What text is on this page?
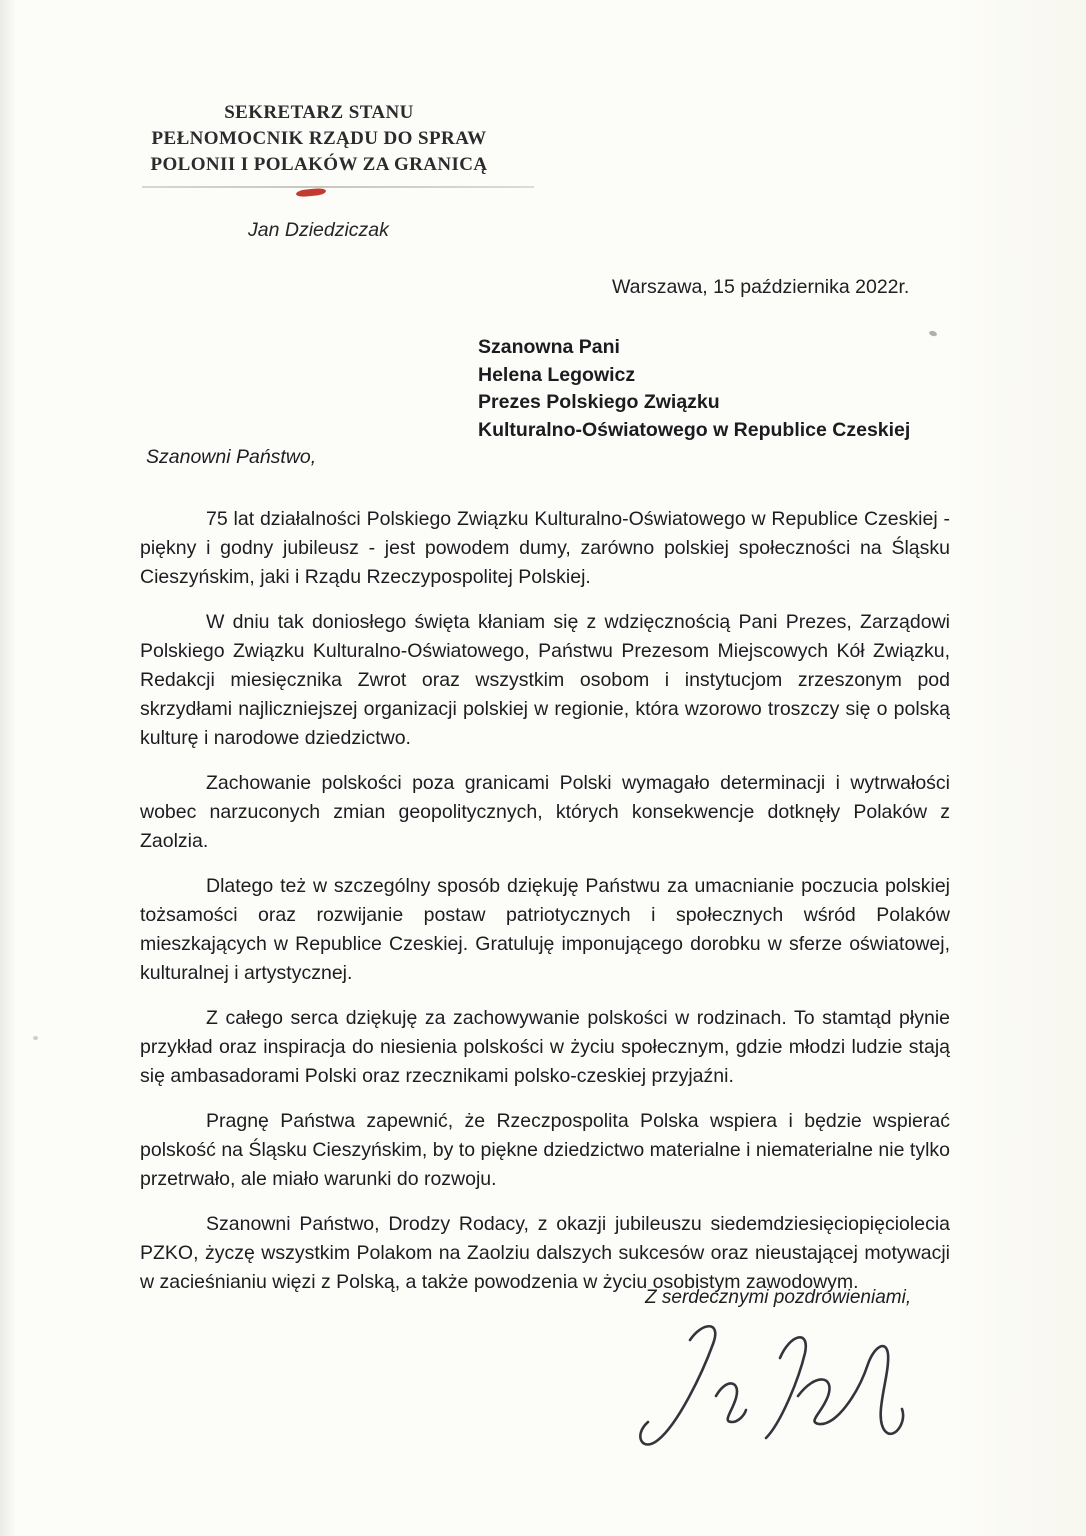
SEKRETARZ STANU
PEŁNOMOCNIK RZĄDU DO SPRAW
POLONII I POLAKÓW ZA GRANICĄ
Jan Dziedziczak
Warszawa, 15 października 2022r.
Szanowna Pani
Helena Legowicz
Prezes Polskiego Związku
Kulturalno-Oświatowego w Republice Czeskiej
Szanowni Państwo,

75 lat działalności Polskiego Związku Kulturalno-Oświatowego w Republice Czeskiej - piękny i godny jubileusz - jest powodem dumy, zarówno polskiej społeczności na Śląsku Cieszyńskim, jaki i Rządu Rzeczypospolitej Polskiej.

W dniu tak doniosłego święta kłaniam się z wdzięcznością Pani Prezes, Zarządowi Polskiego Związku Kulturalno-Oświatowego, Państwu Prezesom Miejscowych Kół Związku, Redakcji miesięcznika Zwrot oraz wszystkim osobom i instytucjom zrzeszonym pod skrzydłami najliczniejszej organizacji polskiej w regionie, która wzorowo troszczy się o polską kulturę i narodowe dziedzictwo.

Zachowanie polskości poza granicami Polski wymagało determinacji i wytrwałości wobec narzuconych zmian geopolitycznych, których konsekwencje dotknęły Polaków z Zaolzia.

Dlatego też w szczególny sposób dziękuję Państwu za umacnianie poczucia polskiej tożsamości oraz rozwijanie postaw patriotycznych i społecznych wśród Polaków mieszkających w Republice Czeskiej. Gratuluję imponującego dorobku w sferze oświatowej, kulturalnej i artystycznej.

Z całego serca dziękuję za zachowywanie polskości w rodzinach. To stamtąd płynie przykład oraz inspiracja do niesienia polskości w życiu społecznym, gdzie młodzi ludzie stają się ambasadorami Polski oraz rzecznikami polsko-czeskiej przyjaźni.

Pragnę Państwa zapewnić, że Rzeczpospolita Polska wspiera i będzie wspierać polskość na Śląsku Cieszyńskim, by to piękne dziedzictwo materialne i niematerialne nie tylko przetrwało, ale miało warunki do rozwoju.

Szanowni Państwo, Drodzy Rodacy, z okazji jubileuszu siedemdziesięciopięciolecia PZKO, życzę wszystkim Polakom na Zaolziu dalszych sukcesów oraz nieustającej motywacji w zacieśnianiu więzi z Polską, a także powodzenia w życiu osobistym zawodowym.

Z serdecznymi pozdrowieniami,
